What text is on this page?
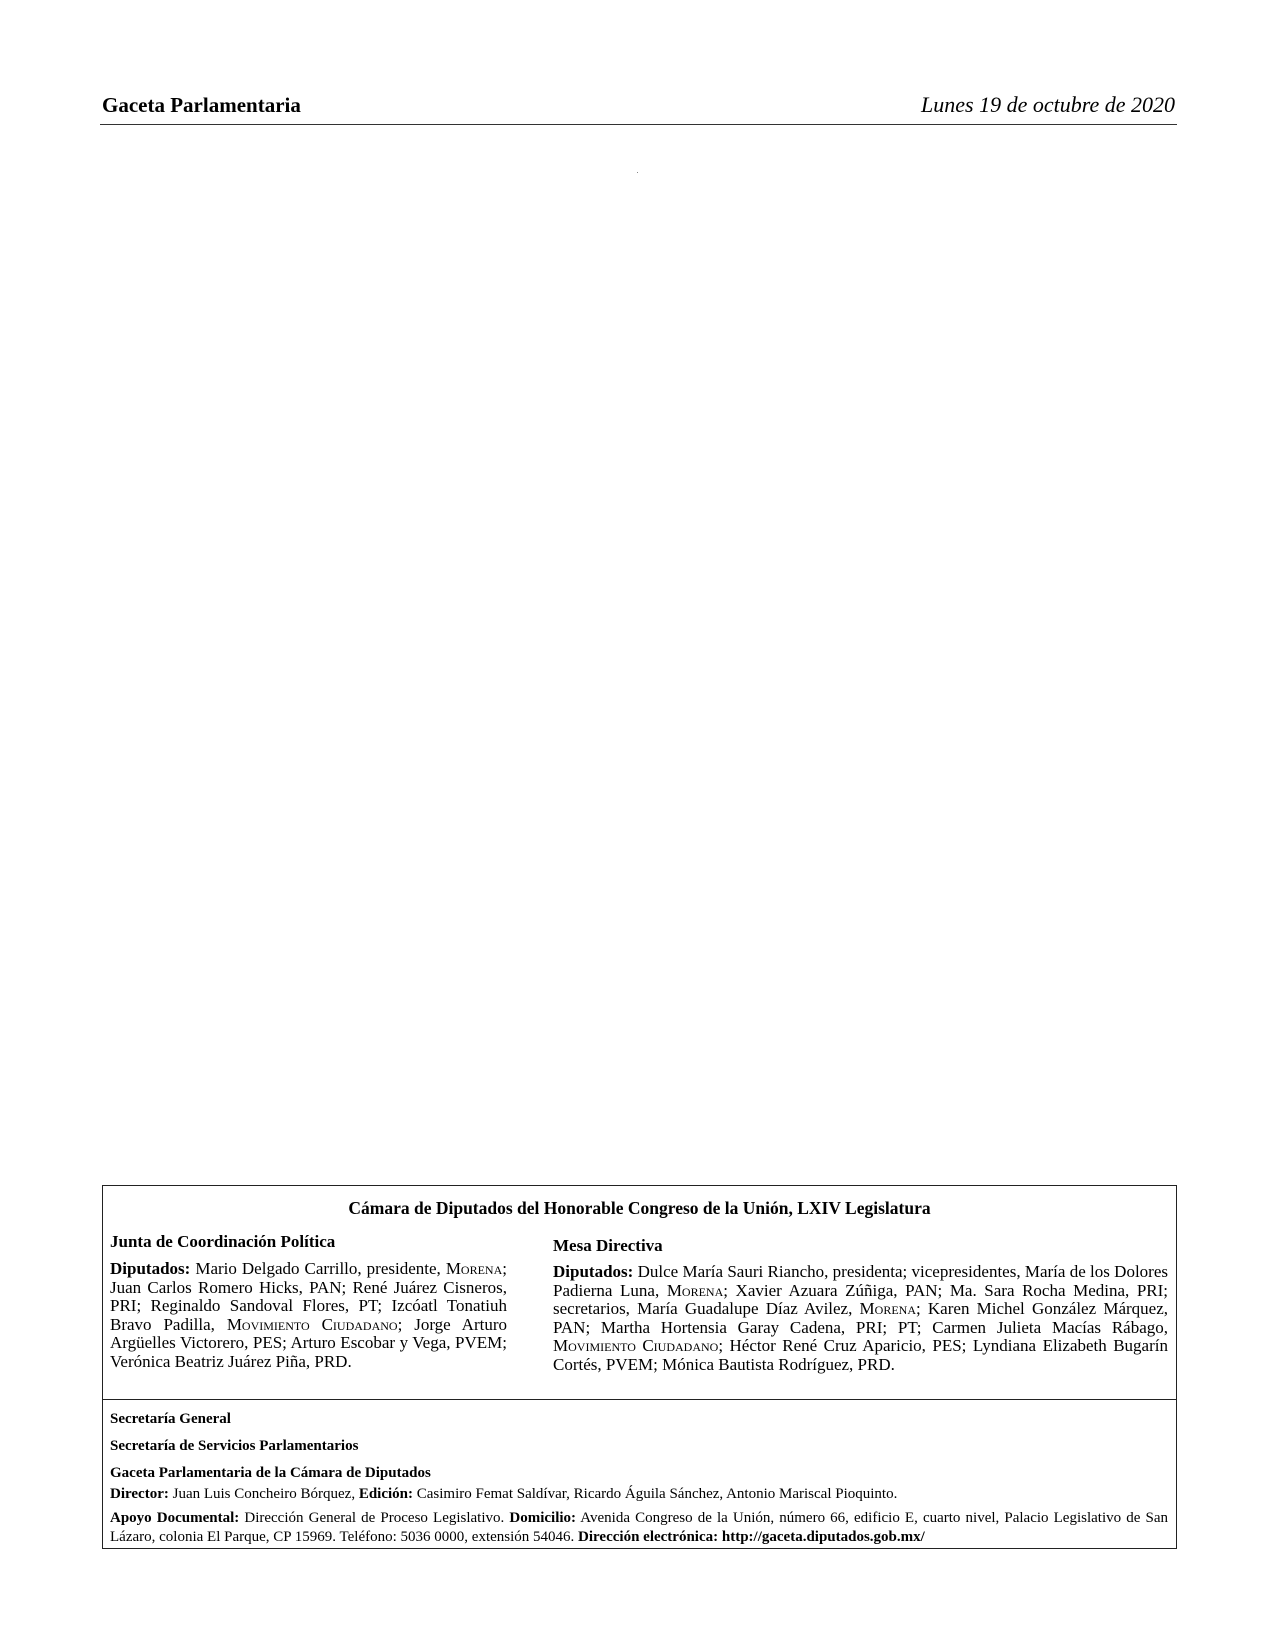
Gaceta Parlamentaria	Lunes 19 de octubre de 2020
Cámara de Diputados del Honorable Congreso de la Unión, LXIV Legislatura
Junta de Coordinación Política

Diputados: Mario Delgado Carrillo, presidente, Morena; Juan Carlos Romero Hicks, PAN; René Juárez Cisneros, PRI; Reginaldo Sandoval Flores, PT; Izcóatl Tonatiuh Bravo Padilla, Movimiento Ciudadano; Jorge Arturo Argüelles Victorero, PES; Arturo Escobar y Vega, PVEM; Verónica Beatriz Juárez Piña, PRD.

Mesa Directiva

Diputados: Dulce María Sauri Riancho, presidenta; vicepresidentes, María de los Dolores Padierna Luna, Morena; Xavier Azuara Zúñiga, PAN; Ma. Sara Rocha Medina, PRI; secretarios, María Guadalupe Díaz Avilez, Morena; Karen Michel González Márquez, PAN; Martha Hortensia Garay Cadena, PRI; PT; Carmen Julieta Macías Rábago, Movimiento Ciudadano; Héctor René Cruz Aparicio, PES; Lyndiana Elizabeth Bugarín Cortés, PVEM; Mónica Bautista Rodríguez, PRD.

Secretaría General
Secretaría de Servicios Parlamentarios
Gaceta Parlamentaria de la Cámara de Diputados
Director: Juan Luis Concheiro Bórquez, Edición: Casimiro Femat Saldívar, Ricardo Águila Sánchez, Antonio Mariscal Pioquinto.
Apoyo Documental: Dirección General de Proceso Legislativo. Domicilio: Avenida Congreso de la Unión, número 66, edificio E, cuarto nivel, Palacio Legislativo de San Lázaro, colonia El Parque, CP 15969. Teléfono: 5036 0000, extensión 54046. Dirección electrónica: http://gaceta.diputados.gob.mx/
